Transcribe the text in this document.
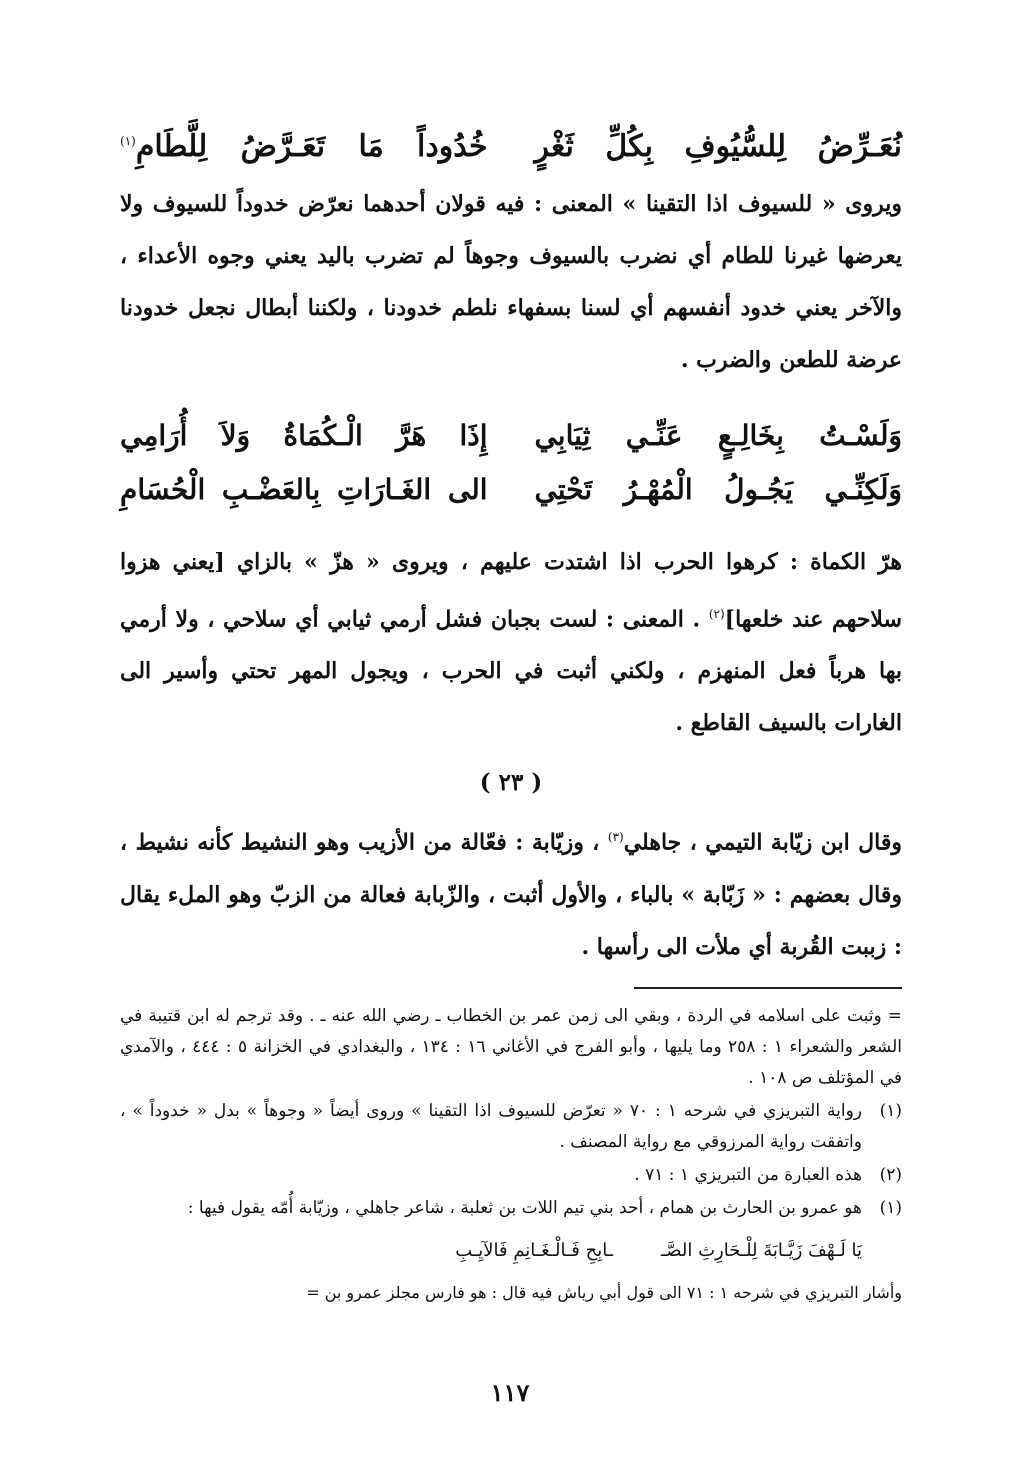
نُعَـرِّضُ لِلسُّيُوفِ بِكُلِّ ثَغْرٍ
خُدُوداً مَا تَعَـرَّضُ لِلَّطَامِ$^{(١)}$

ويروى « للسيوف اذا التقينا » المعنى : فيه قولان أحدهما نعرّض خدوداً للسيوف ولا يعرضها غيرنا للطام أي نضرب بالسيوف وجوهاً لم تضرب باليد يعني وجوه الأعداء ، والآخر يعني خدود أنفسهم أي لسنا بسفهاء نلطم خدودنا ، ولكننا أبطال نجعل خدودنا عرضة للطعن والضرب .

وَلَسْـتُ بِخَالِـعٍ عَنِّـي ثِيَابِي
إِذَا هَرَّ الْـكُمَاةُ وَلاَ أُرَامِي
وَلَكِنِّـي يَجُـولُ الْمُهْـرُ تَحْتِي
الى الغَـارَاتِ بِالعَضْـبِ الْحُسَامِ

هرّ الكماة : كرهوا الحرب اذا اشتدت عليهم ، ويروى « هزّ » بالزاي [يعني هزوا سلاحهم عند خلعها]$^{(٢)}$ . المعنى : لست بجبان فشل أرمي ثيابي أي سلاحي ، ولا أرمي بها هرباً فعل المنهزم ، ولكني أثبت في الحرب ، ويجول المهر تحتي وأسير الى الغارات بالسيف القاطع .

( ٢٣ )

وقال ابن زيّابة التيمي ، جاهلي$^{(٣)}$ ، وزيّابة : فعّالة من الأزيب وهو النشيط كأنه نشيط ، وقال بعضهم : « زَبّابة » بالباء ، والأول أثبت ، والزّبابة فعالة من الزبّ وهو الملء يقال : زببت القُربة أي ملأت الى رأسها .

= وثبت على اسلامه في الردة ، وبقي الى زمن عمر بن الخطاب ـ رضي الله عنه ـ . وقد ترجم له ابن قتيبة في الشعر والشعراء ١ : ٢٥٨ وما يليها ، وأبو الفرج في الأغاني ١٦ : ١٣٤ ، والبغدادي في الخزانة ٥ : ٤٤٤ ، والآمدي في المؤتلف ص ١٠٨ .
(١)
رواية التبريزي في شرحه ١ : ٧٠ « تعرّض للسيوف اذا التقينا » وروى أيضاً « وجوهاً » بدل « خدوداً » ، واتفقت رواية المرزوقي مع رواية المصنف .
(٢)
هذه العبارة من التبريزي ١ : ٧١ .
(١)
هو عمرو بن الحارث بن همام ، أحد بني تيم اللات بن ثعلبة ، شاعر جاهلي ، وزيّابة أُمّه يقول فيها :
يَا لَـهْفَ زَيَّـابَةَ لِلْـحَارِثِ الصَّـ
ـابِحِ فَـالْـغَـانِمِ فَالآيِـبِ
وأشار التبريزي في شرحه ١ : ٧١ الى قول أبي رياش فيه قال : هو فارس مجلز عمرو بن =
١١٧
